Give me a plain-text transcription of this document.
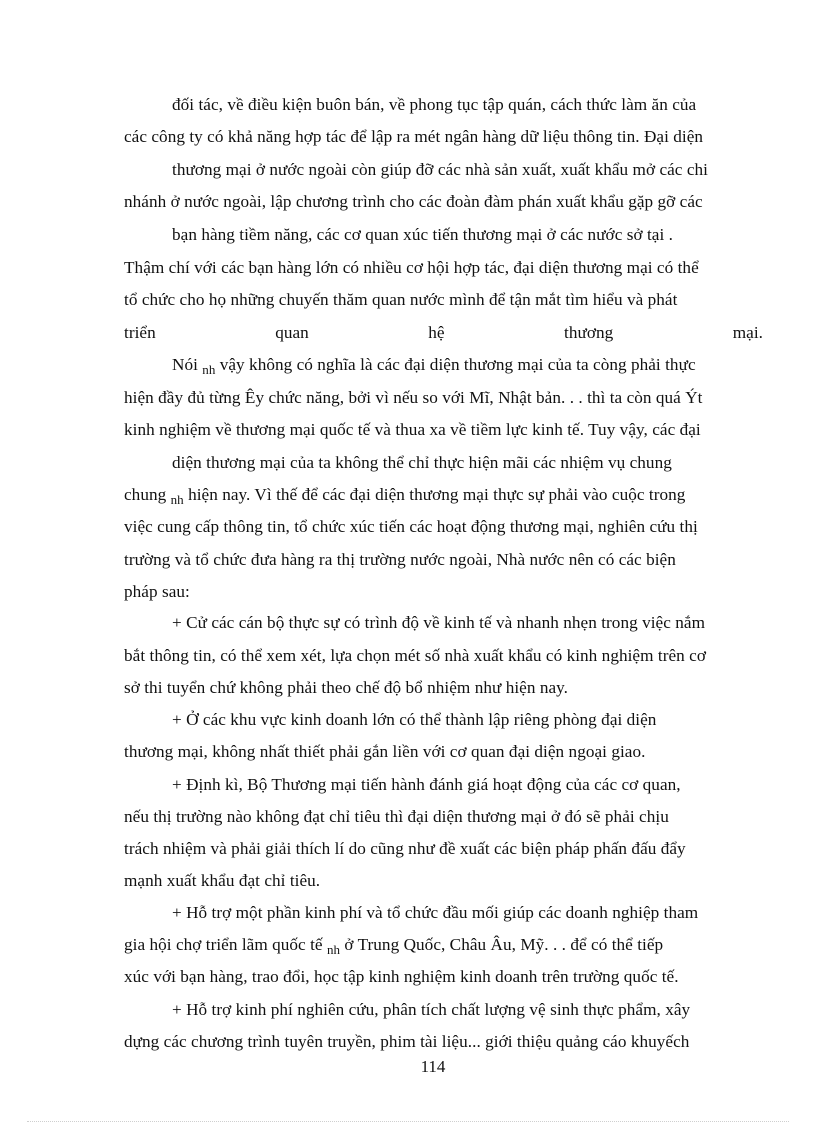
đối tác, về điều kiện buôn bán, về phong tục tập quán, cách thức làm ăn của
các công ty có khả năng hợp tác để lập ra mét ngân hàng dữ liệu thông tin. Đại diện
thương mại ở nước ngoài còn giúp đỡ các nhà sản xuất, xuất khẩu mở các chi
nhánh ở nước ngoài, lập chương trình cho các đoàn đàm phán xuất khẩu gặp gỡ các
bạn hàng tiềm năng, các cơ quan xúc tiến thương mại ở các nước sở tại .
Thậm chí với các bạn hàng lớn có nhiều cơ hội hợp tác, đại diện thương mại có thể
tổ chức cho họ những chuyến thăm quan nước mình để tận mắt tìm hiểu và phát
triển	quan	hệ	thương	mại.
Nói $_{nh}$ vậy không có nghĩa là các đại diện thương mại của ta còng phải thực
hiện đầy đủ từng Êy chức năng, bởi vì nếu so với Mĩ, Nhật bản. . . thì ta còn quá Ýt
kinh nghiệm về thương mại quốc tế và thua xa về tiềm lực kinh tế. Tuy vậy, các đại
diện thương mại của ta không thể chỉ thực hiện mãi các nhiệm vụ chung
chung $_{nh}$ hiện nay. Vì thế để các đại diện thương mại thực sự phải vào cuộc trong
việc cung cấp thông tin, tổ chức xúc tiến các hoạt động thương mại, nghiên cứu thị
trường và tổ chức đưa hàng ra thị trường nước ngoài, Nhà nước nên có các biện
pháp sau:
+ Cử các cán bộ thực sự có trình độ về kinh tế và nhanh nhẹn trong việc nắm
bắt thông tin, có thể xem xét, lựa chọn mét số nhà xuất khẩu có kinh nghiệm trên cơ
sở thi tuyển chứ không phải theo chế độ bổ nhiệm như hiện nay.
+ Ở các khu vực kinh doanh lớn có thể thành lập riêng phòng đại diện
thương mại, không nhất thiết phải gắn liền với cơ quan đại diện ngoại giao.
+ Định kì, Bộ Thương mại tiến hành đánh giá hoạt động của các cơ quan,
nếu thị trường nào không đạt chỉ tiêu thì đại diện thương mại ở đó sẽ phải chịu
trách nhiệm và phải giải thích lí do cũng như đề xuất các biện pháp phấn đấu đẩy
mạnh xuất khẩu đạt chỉ tiêu.
+ Hỗ trợ một phần kinh phí và tổ chức đầu mối giúp các doanh nghiệp tham
gia hội chợ triển lãm quốc tế $_{nh}$ ở Trung Quốc, Châu Âu, Mỹ. . . để có thể tiếp
xúc với bạn hàng, trao đổi, học tập kinh nghiệm kinh doanh trên trường quốc tế.
+ Hỗ trợ kinh phí nghiên cứu, phân tích chất lượng vệ sinh thực phẩm, xây
dựng các chương trình tuyên truyền, phim tài liệu... giới thiệu quảng cáo khuyếch
114
